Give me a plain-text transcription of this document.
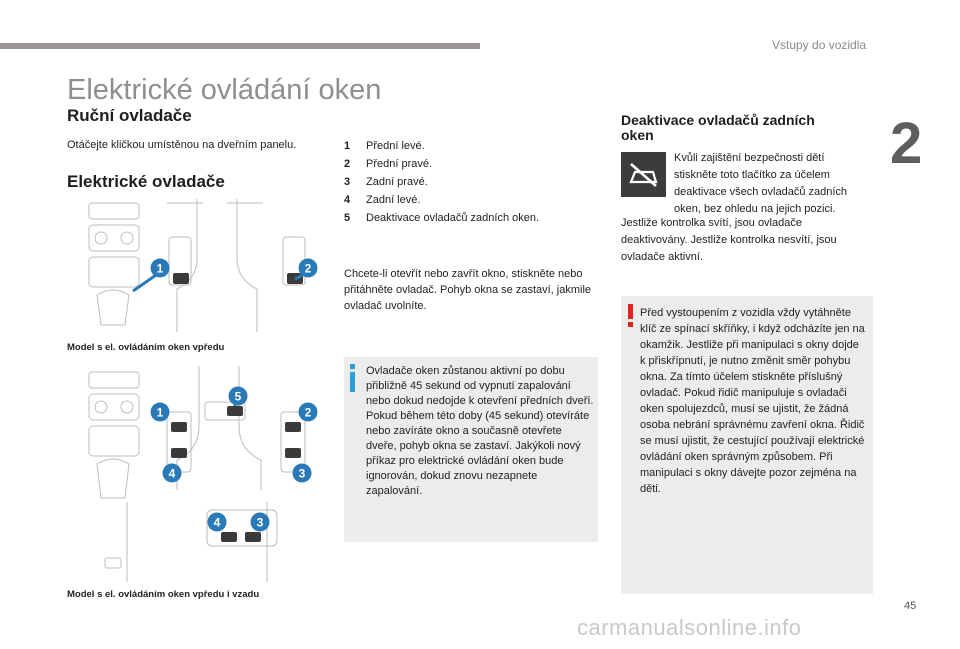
Vstupy do vozidla
2
Elektrické ovládání oken
Ruční ovladače
Otáčejte kličkou umístěnou na dveřním panelu.
Elektrické ovladače
1	2
Model s el. ovládáním oken vpředu
5
1	2
4	3
4	3
Model s el. ovládáním oken vpředu i vzadu
1	Přední levé.
2	Přední pravé.
3	Zadní pravé.
4	Zadní levé.
5	Deaktivace ovladačů zadních oken.
Chcete-li otevřít nebo zavřít okno, stiskněte nebo přitáhněte ovladač. Pohyb okna se zastaví, jakmile ovladač uvolníte.
Ovladače oken zůstanou aktivní po dobu přibližně 45 sekund od vypnutí zapalování nebo dokud nedojde k otevření předních dveří. Pokud během této doby (45 sekund) otevíráte nebo zavíráte okno a současně otevřete dveře, pohyb okna se zastaví. Jakýkoli nový příkaz pro elektrické ovládání oken bude ignorován, dokud znovu nezapnete zapalování.
Deaktivace ovladačů zadních oken
Kvůli zajištění bezpečnosti dětí stiskněte toto tlačítko za účelem deaktivace všech ovladačů zadních oken, bez ohledu na jejich pozici.
Jestliže kontrolka svítí, jsou ovladače deaktivovány. Jestliže kontrolka nesvítí, jsou ovladače aktivní.
Před vystoupením z vozidla vždy vytáhněte klíč ze spínací skříňky, i když odcházíte jen na okamžik. Jestliže při manipulaci s okny dojde k přiskřípnutí, je nutno změnit směr pohybu okna. Za tímto účelem stiskněte příslušný ovladač. Pokud řidič manipuluje s ovladači oken spolujezdců, musí se ujistit, že žádná osoba nebrání správnému zavření okna. Řidič se musí ujistit, že cestující používají elektrické ovládání oken správným způsobem. Při manipulaci s okny dávejte pozor zejména na děti.
45
carmanualsonline.info
